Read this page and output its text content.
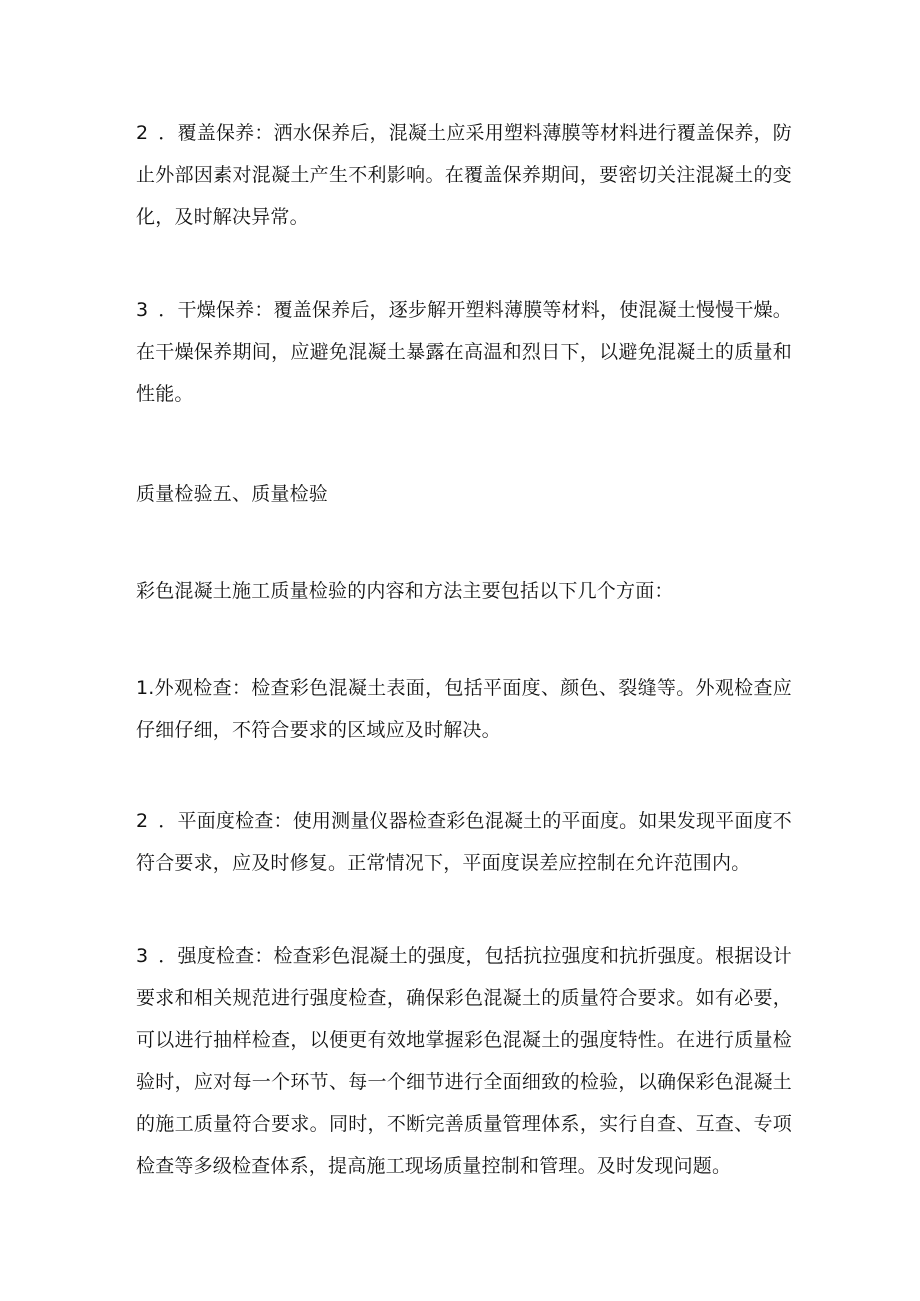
2 ．覆盖保养：洒水保养后，混凝土应采用塑料薄膜等材料进行覆盖保养，防止外部因素对混凝土产生不利影响。在覆盖保养期间，要密切关注混凝土的变化，及时解决异常。

3 ．干燥保养：覆盖保养后，逐步解开塑料薄膜等材料，使混凝土慢慢干燥。在干燥保养期间，应避免混凝土暴露在高温和烈日下，以避免混凝土的质量和性能。

质量检验五、质量检验

彩色混凝土施工质量检验的内容和方法主要包括以下几个方面：

1.外观检查：检查彩色混凝土表面，包括平面度、颜色、裂缝等。外观检查应仔细仔细，不符合要求的区域应及时解决。

2 ．平面度检查：使用测量仪器检查彩色混凝土的平面度。如果发现平面度不符合要求，应及时修复。正常情况下，平面度误差应控制在允许范围内。

3 ．强度检查：检查彩色混凝土的强度，包括抗拉强度和抗折强度。根据设计要求和相关规范进行强度检查，确保彩色混凝土的质量符合要求。如有必要，可以进行抽样检查，以便更有效地掌握彩色混凝土的强度特性。在进行质量检验时，应对每一个环节、每一个细节进行全面细致的检验，以确保彩色混凝土的施工质量符合要求。同时，不断完善质量管理体系，实行自查、互查、专项检查等多级检查体系，提高施工现场质量控制和管理。及时发现问题。
